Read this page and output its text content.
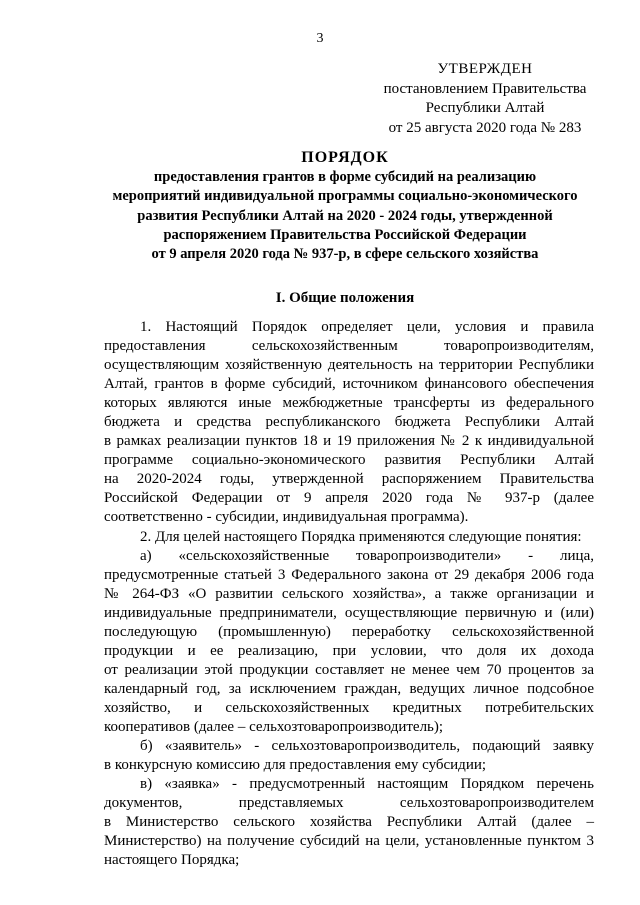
3
УТВЕРЖДЕН
постановлением Правительства
Республики Алтай
от 25 августа 2020 года № 283
ПОРЯДОК
предоставления грантов в форме субсидий на реализацию
мероприятий индивидуальной программы социально-экономического
развития Республики Алтай на 2020 - 2024 годы, утвержденной
распоряжением Правительства Российской Федерации
от 9 апреля 2020 года № 937-р, в сфере сельского хозяйства
I. Общие положения
1. Настоящий Порядок определяет цели, условия и правила
предоставления сельскохозяйственным товаропроизводителям,
осуществляющим хозяйственную деятельность на территории Республики
Алтай, грантов в форме субсидий, источником финансового обеспечения
которых являются иные межбюджетные трансферты из федерального
бюджета и средства республиканского бюджета Республики Алтай
в рамках реализации пунктов 18 и 19 приложения № 2 к индивидуальной
программе социально-экономического развития Республики Алтай
на 2020-2024 годы, утвержденной распоряжением Правительства
Российской Федерации от 9 апреля 2020 года № 937-р (далее
соответственно - субсидии, индивидуальная программа).
2. Для целей настоящего Порядка применяются следующие понятия:
а) «сельскохозяйственные товаропроизводители» - лица,
предусмотренные статьей 3 Федерального закона от 29 декабря 2006 года
№ 264-ФЗ «О развитии сельского хозяйства», а также организации и
индивидуальные предприниматели, осуществляющие первичную и (или)
последующую (промышленную) переработку сельскохозяйственной
продукции и ее реализацию, при условии, что доля их дохода
от реализации этой продукции составляет не менее чем 70 процентов за
календарный год, за исключением граждан, ведущих личное подсобное
хозяйство, и сельскохозяйственных кредитных потребительских
кооперативов (далее – сельхозтоваропроизводитель);
б) «заявитель» - сельхозтоваропроизводитель, подающий заявку
в конкурсную комиссию для предоставления ему субсидии;
в) «заявка» - предусмотренный настоящим Порядком перечень
документов, представляемых сельхозтоваропроизводителем
в Министерство сельского хозяйства Республики Алтай (далее –
Министерство) на получение субсидий на цели, установленные пунктом 3
настоящего Порядка;
